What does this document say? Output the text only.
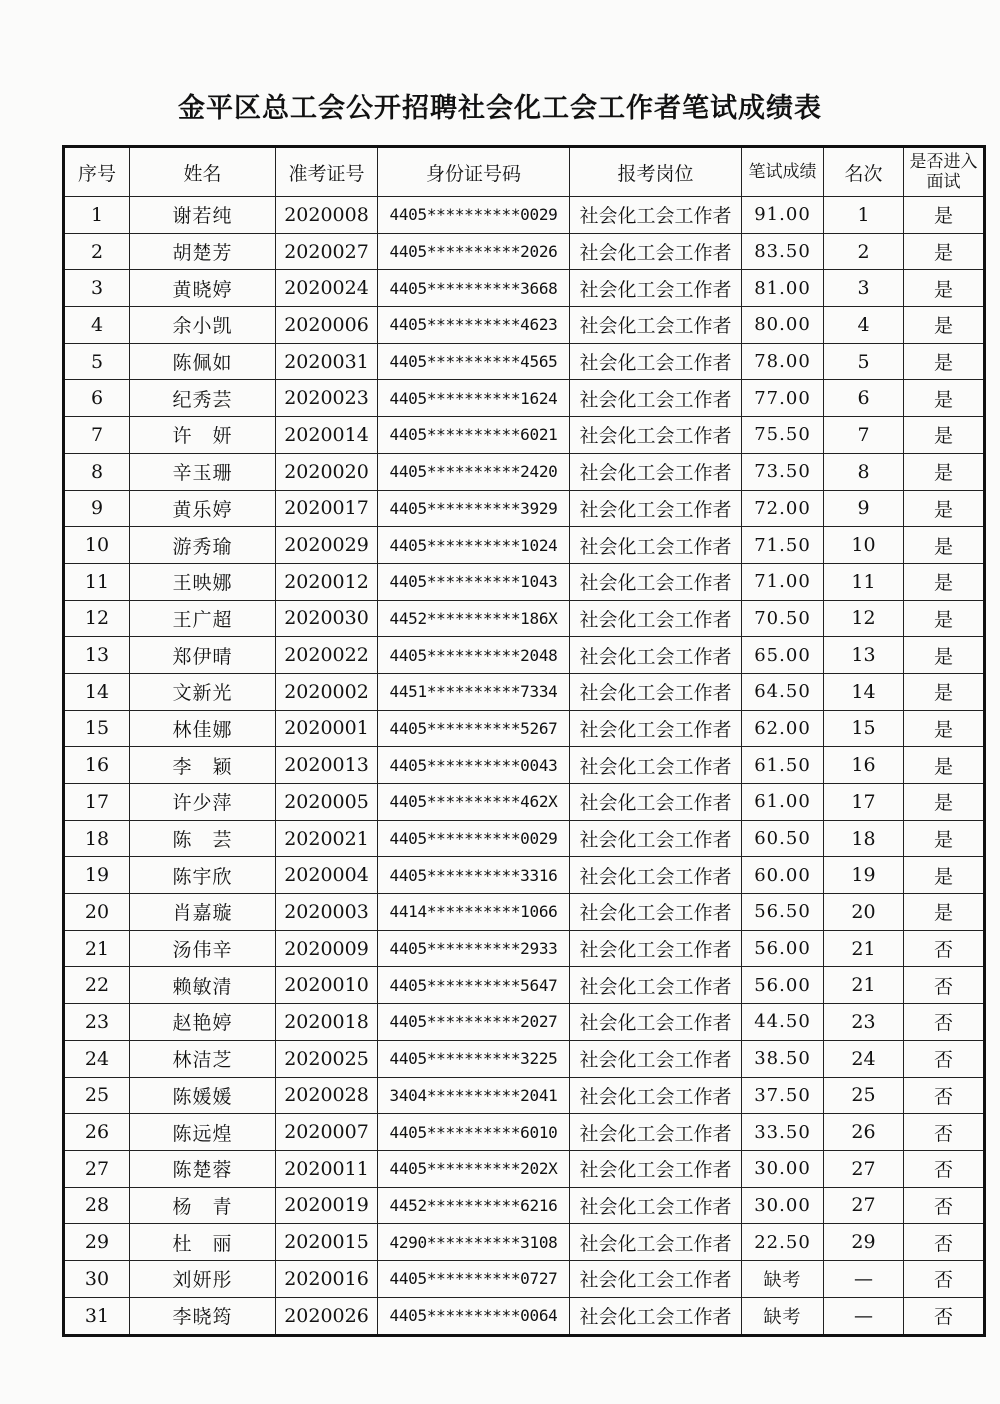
金平区总工会公开招聘社会化工会工作者笔试成绩表
序号	姓名	准考证号	身份证号码	报考岗位	笔试成绩	名次	是否进入面试
1	谢若纯	2020008	4405**********0029	社会化工会工作者	91.00	1	是
2	胡楚芳	2020027	4405**********2026	社会化工会工作者	83.50	2	是
3	黄晓婷	2020024	4405**********3668	社会化工会工作者	81.00	3	是
4	余小凯	2020006	4405**********4623	社会化工会工作者	80.00	4	是
5	陈佩如	2020031	4405**********4565	社会化工会工作者	78.00	5	是
6	纪秀芸	2020023	4405**********1624	社会化工会工作者	77.00	6	是
7	许　妍	2020014	4405**********6021	社会化工会工作者	75.50	7	是
8	辛玉珊	2020020	4405**********2420	社会化工会工作者	73.50	8	是
9	黄乐婷	2020017	4405**********3929	社会化工会工作者	72.00	9	是
10	游秀瑜	2020029	4405**********1024	社会化工会工作者	71.50	10	是
11	王映娜	2020012	4405**********1043	社会化工会工作者	71.00	11	是
12	王广超	2020030	4452**********186X	社会化工会工作者	70.50	12	是
13	郑伊晴	2020022	4405**********2048	社会化工会工作者	65.00	13	是
14	文新光	2020002	4451**********7334	社会化工会工作者	64.50	14	是
15	林佳娜	2020001	4405**********5267	社会化工会工作者	62.00	15	是
16	李　颖	2020013	4405**********0043	社会化工会工作者	61.50	16	是
17	许少萍	2020005	4405**********462X	社会化工会工作者	61.00	17	是
18	陈　芸	2020021	4405**********0029	社会化工会工作者	60.50	18	是
19	陈宇欣	2020004	4405**********3316	社会化工会工作者	60.00	19	是
20	肖嘉璇	2020003	4414**********1066	社会化工会工作者	56.50	20	是
21	汤伟辛	2020009	4405**********2933	社会化工会工作者	56.00	21	否
22	赖敏清	2020010	4405**********5647	社会化工会工作者	56.00	21	否
23	赵艳婷	2020018	4405**********2027	社会化工会工作者	44.50	23	否
24	林洁芝	2020025	4405**********3225	社会化工会工作者	38.50	24	否
25	陈媛媛	2020028	3404**********2041	社会化工会工作者	37.50	25	否
26	陈远煌	2020007	4405**********6010	社会化工会工作者	33.50	26	否
27	陈楚蓉	2020011	4405**********202X	社会化工会工作者	30.00	27	否
28	杨　青	2020019	4452**********6216	社会化工会工作者	30.00	27	否
29	杜　丽	2020015	4290**********3108	社会化工会工作者	22.50	29	否
30	刘妍彤	2020016	4405**********0727	社会化工会工作者	缺考	—	否
31	李晓筠	2020026	4405**********0064	社会化工会工作者	缺考	—	否
